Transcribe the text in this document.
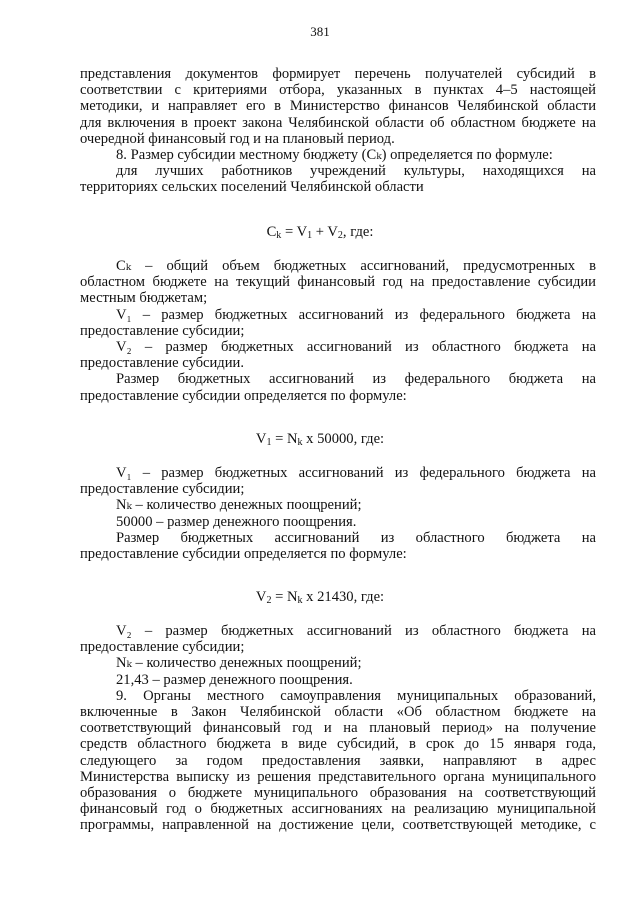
381
$C_k = V_1 + V_2$, где:
$V_1 = N_k$ x 50000, где:
$V_2 = N_k$ x 21430, где:
представления документов формирует перечень получателей субсидий в
соответствии с критериями отбора, указанных в пунктах 4–5 настоящей
методики, и направляет его в Министерство финансов Челябинской области
для включения в проект закона Челябинской области об областном бюджете на
очередной финансовый год и на плановый период.
8. Размер субсидии местному бюджету (Cₖ) определяется по формуле:
для лучших работников учреждений культуры, находящихся на
территориях сельских поселений Челябинской области
Cₖ – общий объем бюджетных ассигнований, предусмотренных в
областном бюджете на текущий финансовый год на предоставление субсидии
местным бюджетам;
V₁ – размер бюджетных ассигнований из федерального бюджета на
предоставление субсидии;
V₂ – размер бюджетных ассигнований из областного бюджета на
предоставление субсидии.
Размер бюджетных ассигнований из федерального бюджета на
предоставление субсидии определяется по формуле:
V₁ – размер бюджетных ассигнований из федерального бюджета на
предоставление субсидии;
Nₖ – количество денежных поощрений;
50000 – размер денежного поощрения.
Размер бюджетных ассигнований из областного бюджета на
предоставление субсидии определяется по формуле:
V₂ – размер бюджетных ассигнований из областного бюджета на
предоставление субсидии;
Nₖ – количество денежных поощрений;
21,43 – размер денежного поощрения.
9. Органы местного самоуправления муниципальных образований,
включенные в Закон Челябинской области «Об областном бюджете на
соответствующий финансовый год и на плановый период» на получение
средств областного бюджета в виде субсидий, в срок до 15 января года,
следующего за годом предоставления заявки, направляют в адрес
Министерства выписку из решения представительного органа муниципального
образования о бюджете муниципального образования на соответствующий
финансовый год о бюджетных ассигнованиях на реализацию муниципальной
программы, направленной на достижение цели, соответствующей методике, с
